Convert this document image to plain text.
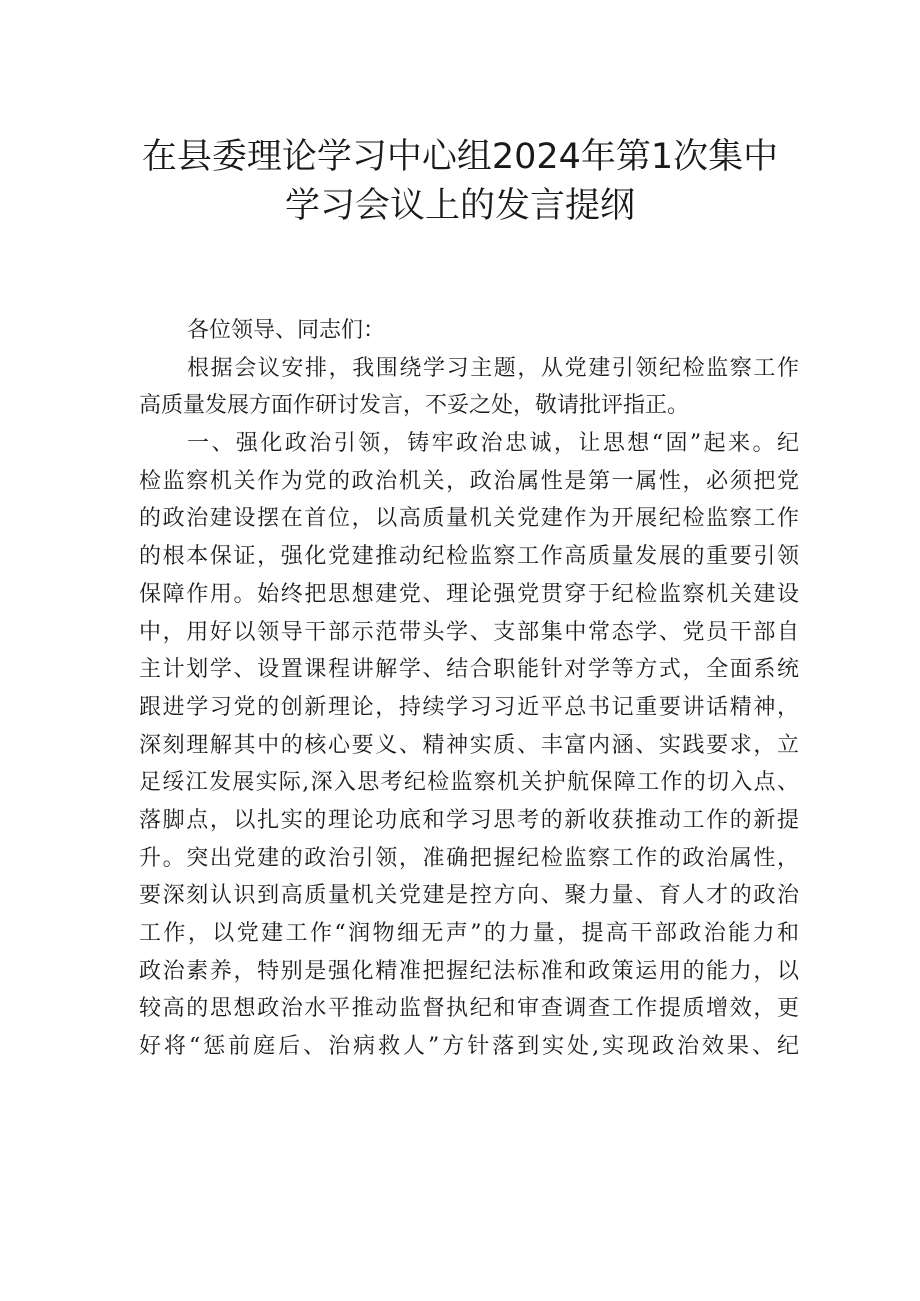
在县委理论学习中心组2024年第1次集中
学习会议上的发言提纲
各位领导、同志们：
根据会议安排，我围绕学习主题，从党建引领纪检监察工作
高质量发展方面作研讨发言，不妥之处，敬请批评指正。
一、强化政治引领，铸牢政治忠诚，让思想“固”起来。纪
检监察机关作为党的政治机关，政治属性是第一属性，必须把党
的政治建设摆在首位，以高质量机关党建作为开展纪检监察工作
的根本保证，强化党建推动纪检监察工作高质量发展的重要引领
保障作用。始终把思想建党、理论强党贯穿于纪检监察机关建设
中，用好以领导干部示范带头学、支部集中常态学、党员干部自
主计划学、设置课程讲解学、结合职能针对学等方式，全面系统
跟进学习党的创新理论，持续学习习近平总书记重要讲话精神，
深刻理解其中的核心要义、精神实质、丰富内涵、实践要求，立
足绥江发展实际,深入思考纪检监察机关护航保障工作的切入点、
落脚点，以扎实的理论功底和学习思考的新收获推动工作的新提
升。突出党建的政治引领，准确把握纪检监察工作的政治属性，
要深刻认识到高质量机关党建是控方向、聚力量、育人才的政治
工作，以党建工作“润物细无声”的力量，提高干部政治能力和
政治素养，特别是强化精准把握纪法标准和政策运用的能力，以
较高的思想政治水平推动监督执纪和审查调查工作提质增效，更
好将“惩前庭后、治病救人”方针落到实处,实现政治效果、纪
